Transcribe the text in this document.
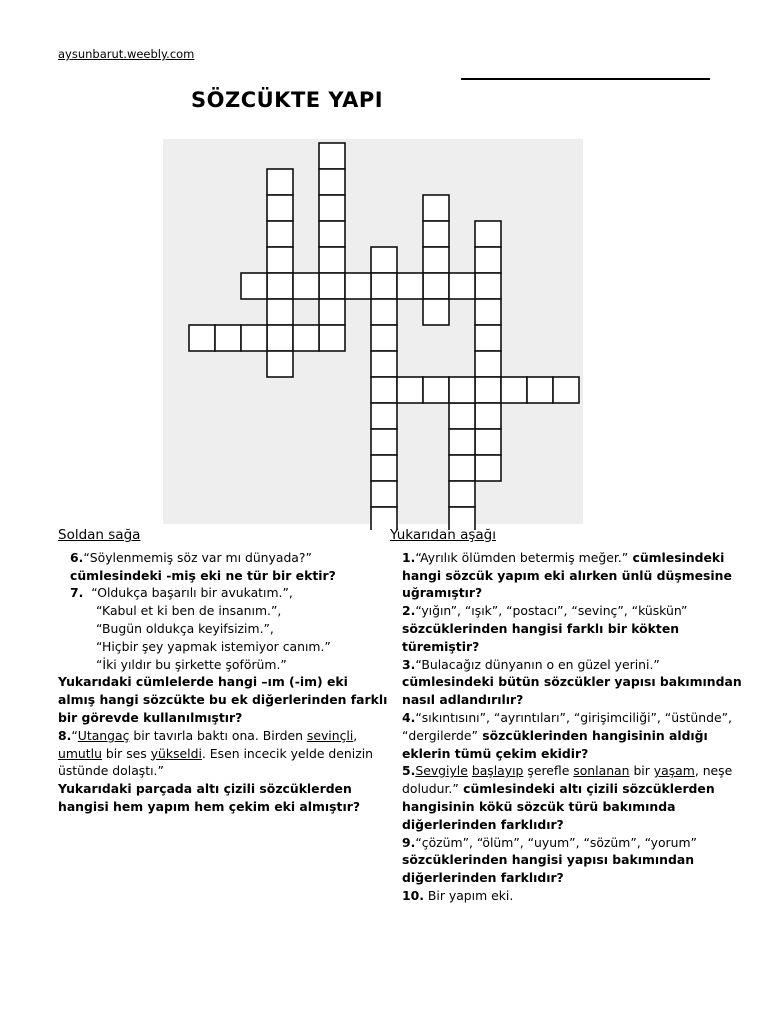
aysunbarut.weebly.com
SÖZCÜKTE YAPI
Soldan sağa
6.“Söylenmemiş söz var mı dünyada?”
cümlesindeki -miş eki ne tür bir ektir?
7. “Oldukça başarılı bir avukatım.”,
“Kabul et ki ben de insanım.”,
“Bugün oldukça keyifsizim.”,
“Hiçbir şey yapmak istemiyor canım.”
“İki yıldır bu şirkette şoförüm.”
Yukarıdaki cümlelerde hangi –ım (-im) eki almış hangi sözcükte bu ek diğerlerinden farklı bir görevde kullanılmıştır?
8.“Utangaç bir tavırla baktı ona. Birden sevinçli, umutlu bir ses yükseldi. Esen incecik yelde denizin üstünde dolaştı.”
Yukarıdaki parçada altı çizili sözcüklerden hangisi hem yapım hem çekim eki almıştır?
Yukarıdan aşağı
1.“Ayrılık ölümden betermiş meğer.” cümlesindeki hangi sözcük yapım eki alırken ünlü düşmesine uğramıştır?
2.“yığın”, “ışık”, “postacı”, “sevinç”, “küskün”
sözcüklerinden hangisi farklı bir kökten türemiştir?
3.“Bulacağız dünyanın o en güzel yerini.”
cümlesindeki bütün sözcükler yapısı bakımından nasıl adlandırılır?
4.“sıkıntısını”, “ayrıntıları”, “girişimciliği”, “üstünde”, “dergilerde” sözcüklerinden hangisinin aldığı eklerin tümü çekim ekidir?
5.Sevgiyle başlayıp şerefle sonlanan bir yaşam, neşe doludur.” cümlesindeki altı çizili sözcüklerden hangisinin kökü sözcük türü bakımında diğerlerinden farklıdır?
9.“çözüm”, “ölüm”, “uyum”, “sözüm”, “yorum”
sözcüklerinden hangisi yapısı bakımından diğerlerinden farklıdır?
10. Bir yapım eki.
